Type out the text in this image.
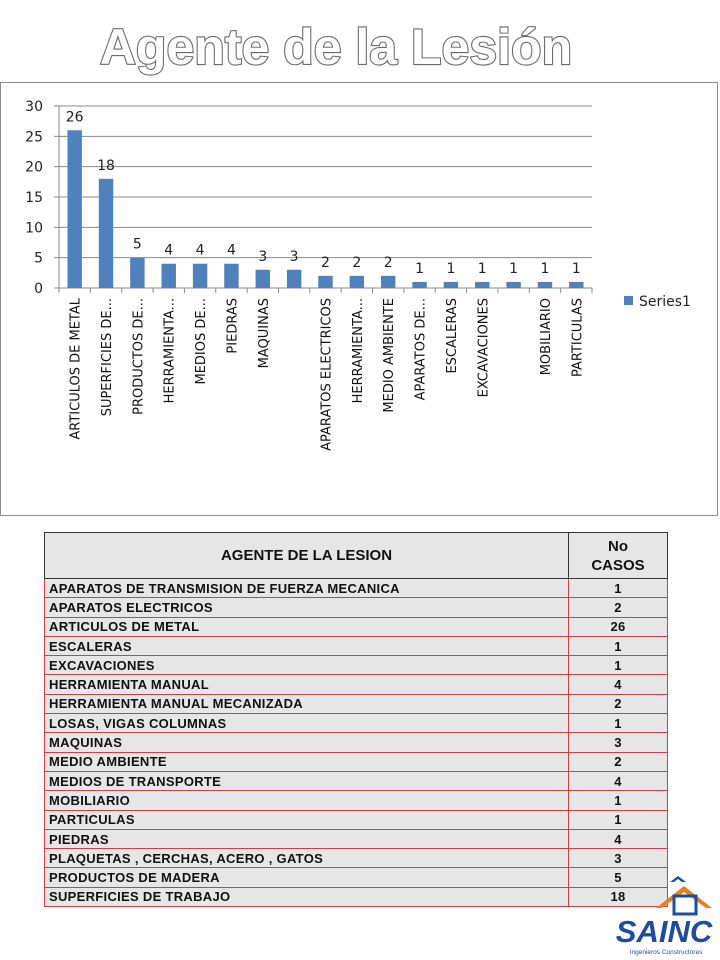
Agente de la Lesión
0
5
10
15
20
25
30
26
18
5 4 4 4 3 3 2 2 2 1 1 1 1 1 1
ARTICULOS DE METAL SUPERFICIES DE... PRODUCTOS DE... HERRAMIENTA... MEDIOS DE... PIEDRAS MAQUINAS	APARATOS ELECTRICOS HERRAMIENTA... MEDIO AMBIENTE APARATOS DE... ESCALERAS EXCAVACIONES	MOBILIARIO PARTICULAS	Series1
AGENTE DE LA LESION	No
CASOS
APARATOS DE TRANSMISION DE FUERZA MECANICA	1
APARATOS ELECTRICOS	2
ARTICULOS DE METAL	26
ESCALERAS	1
EXCAVACIONES	1
HERRAMIENTA MANUAL	4
HERRAMIENTA MANUAL MECANIZADA	2
LOSAS, VIGAS COLUMNAS	1
MAQUINAS	3
MEDIO AMBIENTE	2
MEDIOS DE TRANSPORTE	4
MOBILIARIO	1
PARTICULAS	1
PIEDRAS	4
PLAQUETAS , CERCHAS, ACERO , GATOS	3
PRODUCTOS DE MADERA	5
SUPERFICIES DE TRABAJO	18
SAINC
Ingenieros Constructores
